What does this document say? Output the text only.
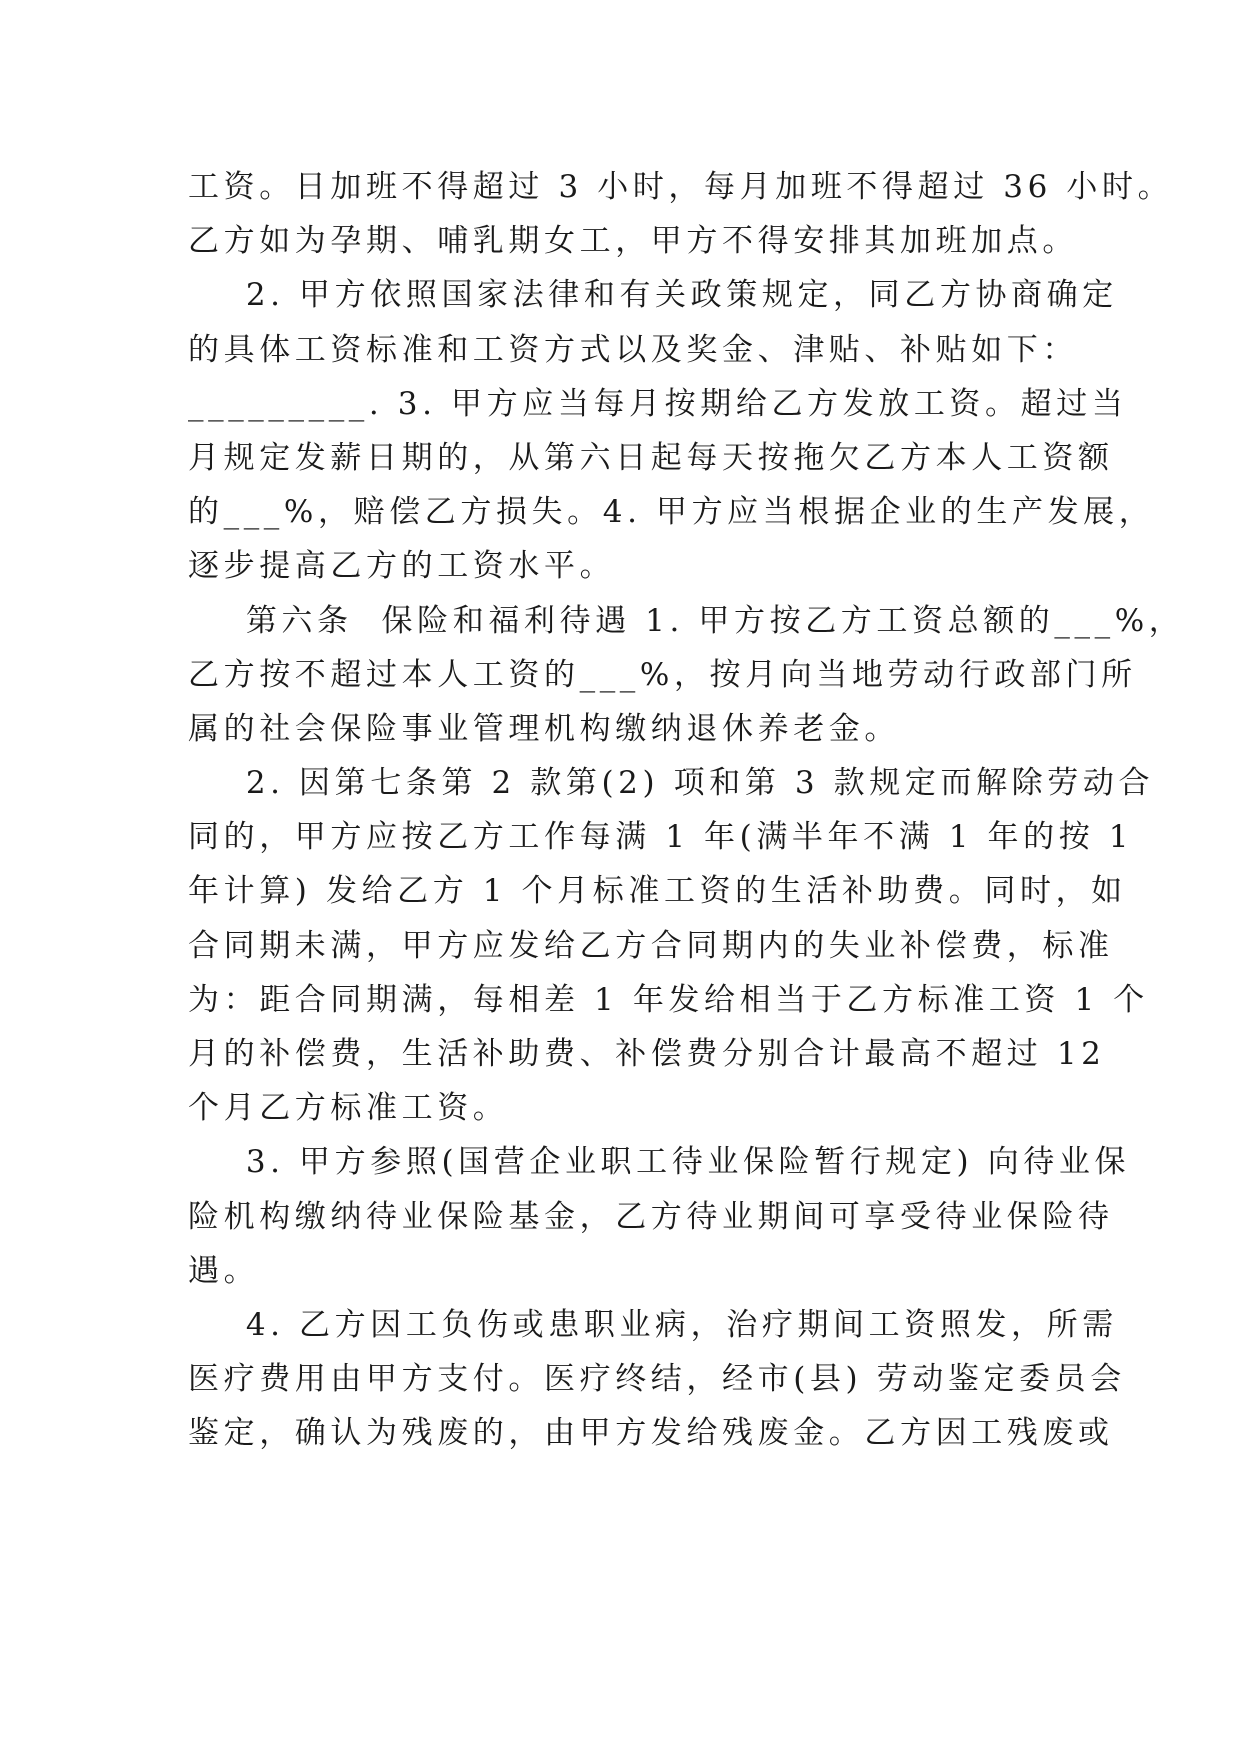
工资。日加班不得超过 3 小时，每月加班不得超过 36 小时。
乙方如为孕期、哺乳期女工，甲方不得安排其加班加点。
2. 甲方依照国家法律和有关政策规定，同乙方协商确定
的具体工资标准和工资方式以及奖金、津贴、补贴如下：
_________. 3. 甲方应当每月按期给乙方发放工资。超过当
月规定发薪日期的，从第六日起每天按拖欠乙方本人工资额
的___%，赔偿乙方损失。4. 甲方应当根据企业的生产发展，
逐步提高乙方的工资水平。
第六条  保险和福利待遇 1. 甲方按乙方工资总额的___%，
乙方按不超过本人工资的___%，按月向当地劳动行政部门所
属的社会保险事业管理机构缴纳退休养老金。
2. 因第七条第 2 款第(2) 项和第 3 款规定而解除劳动合
同的，甲方应按乙方工作每满 1 年(满半年不满 1 年的按 1
年计算) 发给乙方 1 个月标准工资的生活补助费。同时，如
合同期未满，甲方应发给乙方合同期内的失业补偿费，标准
为：距合同期满，每相差 1 年发给相当于乙方标准工资 1 个
月的补偿费，生活补助费、补偿费分别合计最高不超过 12
个月乙方标准工资。
3. 甲方参照(国营企业职工待业保险暂行规定) 向待业保
险机构缴纳待业保险基金，乙方待业期间可享受待业保险待
遇。
4. 乙方因工负伤或患职业病，治疗期间工资照发，所需
医疗费用由甲方支付。医疗终结，经市(县) 劳动鉴定委员会
鉴定，确认为残废的，由甲方发给残废金。乙方因工残废或
